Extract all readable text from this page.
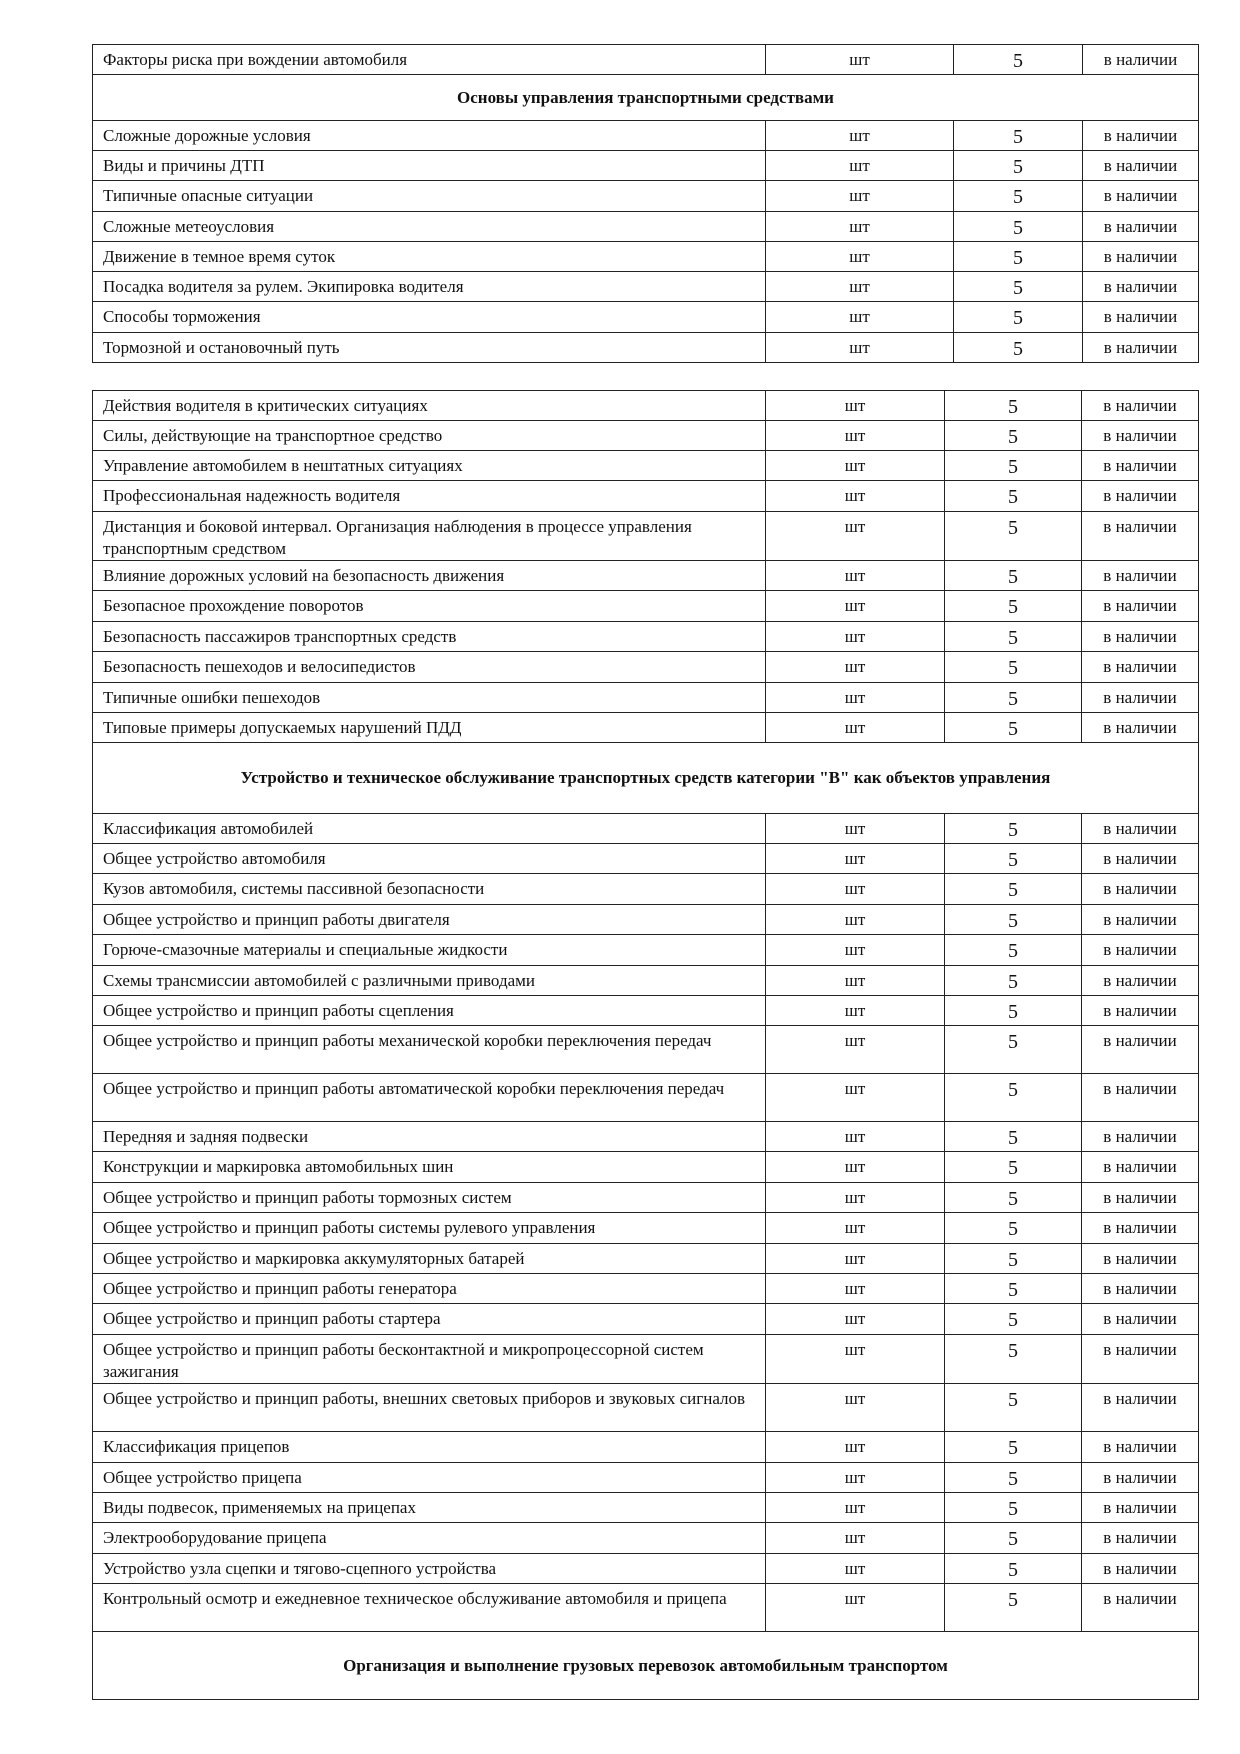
Факторы риска при вождении автомобиля	шт	5	в наличии
Основы управления транспортными средствами			
Сложные дорожные условия	шт	5	в наличии
Виды и причины ДТП	шт	5	в наличии
Типичные опасные ситуации	шт	5	в наличии
Сложные метеоусловия	шт	5	в наличии
Движение в темное время суток	шт	5	в наличии
Посадка водителя за рулем. Экипировка водителя	шт	5	в наличии
Способы торможения	шт	5	в наличии
Тормозной и остановочный путь	шт	5	в наличии
Действия водителя в критических ситуациях	шт	5	в наличии
Силы, действующие на транспортное средство	шт	5	в наличии
Управление автомобилем в нештатных ситуациях	шт	5	в наличии
Профессиональная надежность водителя	шт	5	в наличии
Дистанция и боковой интервал. Организация наблюдения в процессе управления транспортным средством	шт	5	в наличии
Влияние дорожных условий на безопасность движения	шт	5	в наличии
Безопасное прохождение поворотов	шт	5	в наличии
Безопасность пассажиров транспортных средств	шт	5	в наличии
Безопасность пешеходов и велосипедистов	шт	5	в наличии
Типичные ошибки пешеходов	шт	5	в наличии
Типовые примеры допускаемых нарушений ПДД	шт	5	в наличии
Устройство и техническое обслуживание транспортных средств категории "B" как объектов управления			
Классификация автомобилей	шт	5	в наличии
Общее устройство автомобиля	шт	5	в наличии
Кузов автомобиля, системы пассивной безопасности	шт	5	в наличии
Общее устройство и принцип работы двигателя	шт	5	в наличии
Горюче-смазочные материалы и специальные жидкости	шт	5	в наличии
Схемы трансмиссии автомобилей с различными приводами	шт	5	в наличии
Общее устройство и принцип работы сцепления	шт	5	в наличии
Общее устройство и принцип работы механической коробки переключения передач	шт	5	в наличии
Общее устройство и принцип работы автоматической коробки переключения передач	шт	5	в наличии
Передняя и задняя подвески	шт	5	в наличии
Конструкции и маркировка автомобильных шин	шт	5	в наличии
Общее устройство и принцип работы тормозных систем	шт	5	в наличии
Общее устройство и принцип работы системы рулевого управления	шт	5	в наличии
Общее устройство и маркировка аккумуляторных батарей	шт	5	в наличии
Общее устройство и принцип работы генератора	шт	5	в наличии
Общее устройство и принцип работы стартера	шт	5	в наличии
Общее устройство и принцип работы бесконтактной и микропроцессорной систем зажигания	шт	5	в наличии
Общее устройство и принцип работы, внешних световых приборов и звуковых сигналов	шт	5	в наличии
Классификация прицепов	шт	5	в наличии
Общее устройство прицепа	шт	5	в наличии
Виды подвесок, применяемых на прицепах	шт	5	в наличии
Электрооборудование прицепа	шт	5	в наличии
Устройство узла сцепки и тягово-сцепного устройства	шт	5	в наличии
Контрольный осмотр и ежедневное техническое обслуживание автомобиля и прицепа	шт	5	в наличии
Организация и выполнение грузовых перевозок автомобильным транспортом			
